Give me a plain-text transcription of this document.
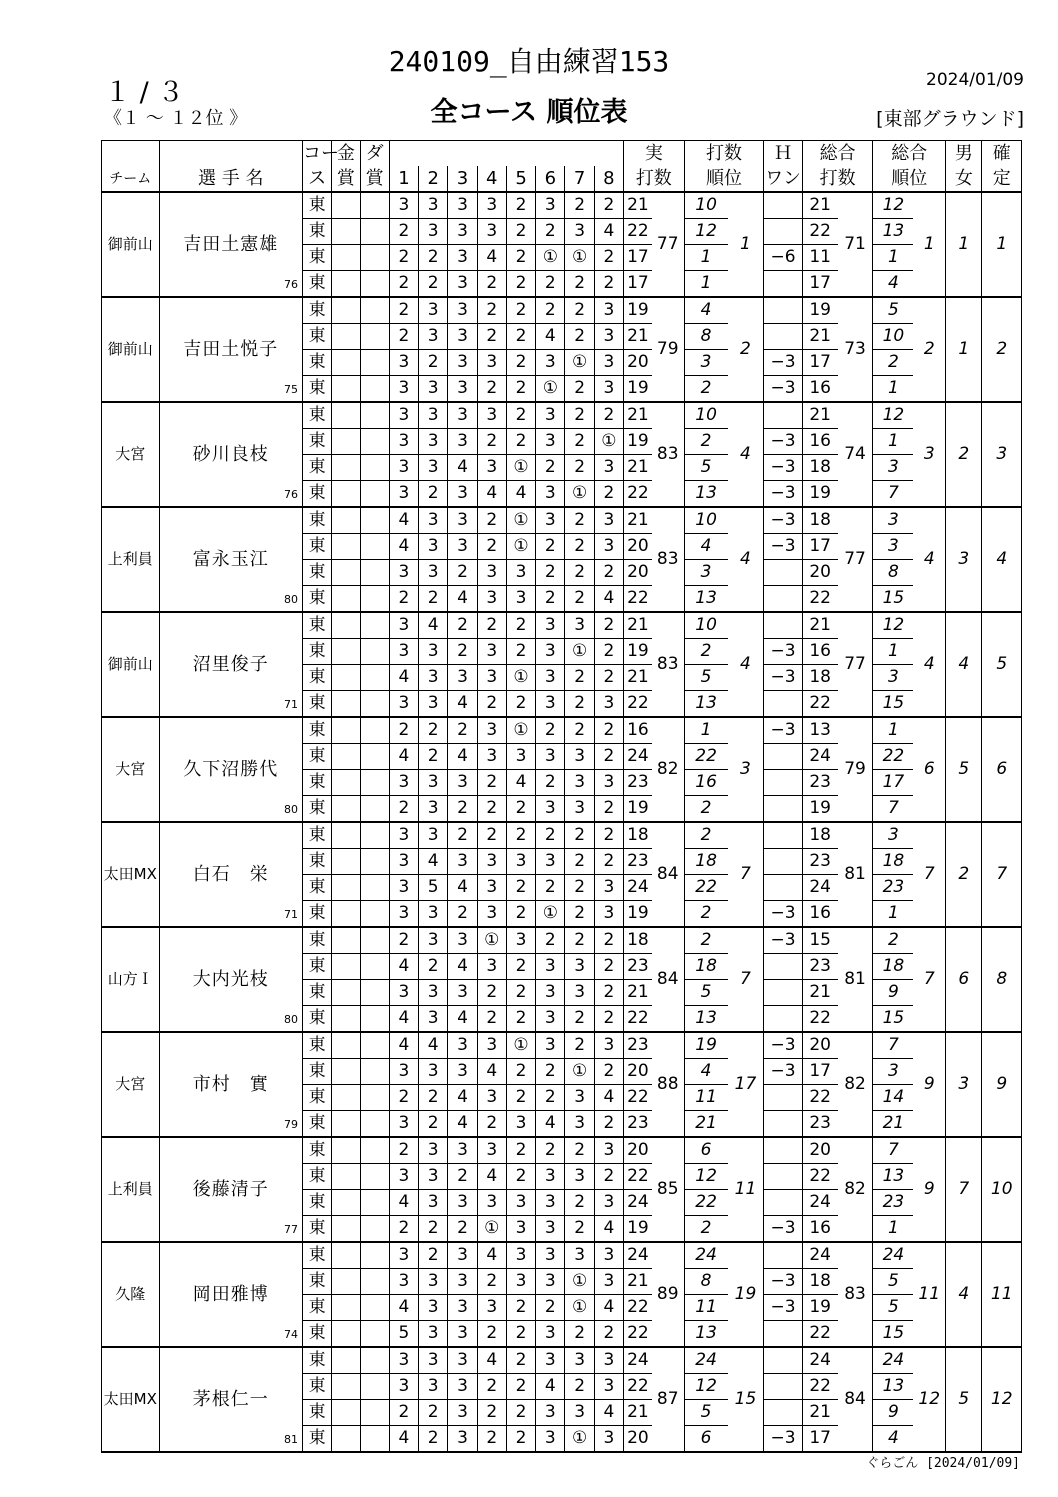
240109_自由練習153
１ / ３
《１ ～ １２位 》	全コース 順位表
2024/01/09
[東部グラウンド]
		コー	金	ダ									実		打数		Ｈ	総合		総合		男	確
チーム	選 手 名	ス	賞	賞	1	2	3	4	5	6	7	8	打数		順位		ワン	打数		順位		女	定
御前山	吉田土憲雄
76	東			3	3	3	3	2	3	2	2	21	77	10	1		21	71	12	1	1	1
		東			2	3	3	3	2	2	3	4	22		12			22		13			
		東			2	2	3	4	2	①	①	2	17		1		−6	11		1			
		東			2	2	3	2	2	2	2	2	17		1			17		4			
御前山	吉田土悦子
75	東			2	3	3	2	2	2	2	3	19	79	4	2		19	73	5	2	1	2
		東			2	3	3	2	2	4	2	3	21		8			21		10			
		東			3	2	3	3	2	3	①	3	20		3		−3	17		2			
		東			3	3	3	2	2	①	2	3	19		2		−3	16		1			
大宮	砂川良枝
76	東			3	3	3	3	2	3	2	2	21	83	10	4		21	74	12	3	2	3
		東			3	3	3	2	2	3	2	①	19		2		−3	16		1			
		東			3	3	4	3	①	2	2	3	21		5		−3	18		3			
		東			3	2	3	4	4	3	①	2	22		13		−3	19		7			
上利員	富永玉江
80	東			4	3	3	2	①	3	2	3	21	83	10	4	−3	18	77	3	4	3	4
		東			4	3	3	2	①	2	2	3	20		4		−3	17		3			
		東			3	3	2	3	3	2	2	2	20		3			20		8			
		東			2	2	4	3	3	2	2	4	22		13			22		15			
御前山	沼里俊子
71	東			3	4	2	2	2	3	3	2	21	83	10	4		21	77	12	4	4	5
		東			3	3	2	3	2	3	①	2	19		2		−3	16		1			
		東			4	3	3	3	①	3	2	2	21		5		−3	18		3			
		東			3	3	4	2	2	3	2	3	22		13			22		15			
大宮	久下沼勝代
80	東			2	2	2	3	①	2	2	2	16	82	1	3	−3	13	79	1	6	5	6
		東			4	2	4	3	3	3	3	2	24		22			24		22			
		東			3	3	3	2	4	2	3	3	23		16			23		17			
		東			2	3	2	2	2	3	3	2	19		2			19		7			
太田MX	白石　栄
71	東			3	3	2	2	2	2	2	2	18	84	2	7		18	81	3	7	2	7
		東			3	4	3	3	3	3	2	2	23		18			23		18			
		東			3	5	4	3	2	2	2	3	24		22			24		23			
		東			3	3	2	3	2	①	2	3	19		2		−3	16		1			
山方Ｉ	大内光枝
80	東			2	3	3	①	3	2	2	2	18	84	2	7	−3	15	81	2	7	6	8
		東			4	2	4	3	2	3	3	2	23		18			23		18			
		東			3	3	3	2	2	3	3	2	21		5			21		9			
		東			4	3	4	2	2	3	2	2	22		13			22		15			
大宮	市村　實
79	東			4	4	3	3	①	3	2	3	23	88	19	17	−3	20	82	7	9	3	9
		東			3	3	3	4	2	2	①	2	20		4		−3	17		3			
		東			2	2	4	3	2	2	3	4	22		11			22		14			
		東			3	2	4	2	3	4	3	2	23		21			23		21			
上利員	後藤清子
77	東			2	3	3	3	2	2	2	3	20	85	6	11		20	82	7	9	7	10
		東			3	3	2	4	2	3	3	2	22		12			22		13			
		東			4	3	3	3	3	3	2	3	24		22			24		23			
		東			2	2	2	①	3	3	2	4	19		2		−3	16		1			
久隆	岡田雅博
74	東			3	2	3	4	3	3	3	3	24	89	24	19		24	83	24	11	4	11
		東			3	3	3	2	3	3	①	3	21		8		−3	18		5			
		東			4	3	3	3	2	2	①	4	22		11		−3	19		5			
		東			5	3	3	2	2	3	2	2	22		13			22		15			
太田MX	茅根仁一
81	東			3	3	3	4	2	3	3	3	24	87	24	15		24	84	24	12	5	12
		東			3	3	3	2	2	4	2	3	22		12			22		13			
		東			2	2	3	2	2	3	3	4	21		5			21		9			
		東			4	2	3	2	2	3	①	3	20		6		−3	17		4			
ぐらごん [2024/01/09]
